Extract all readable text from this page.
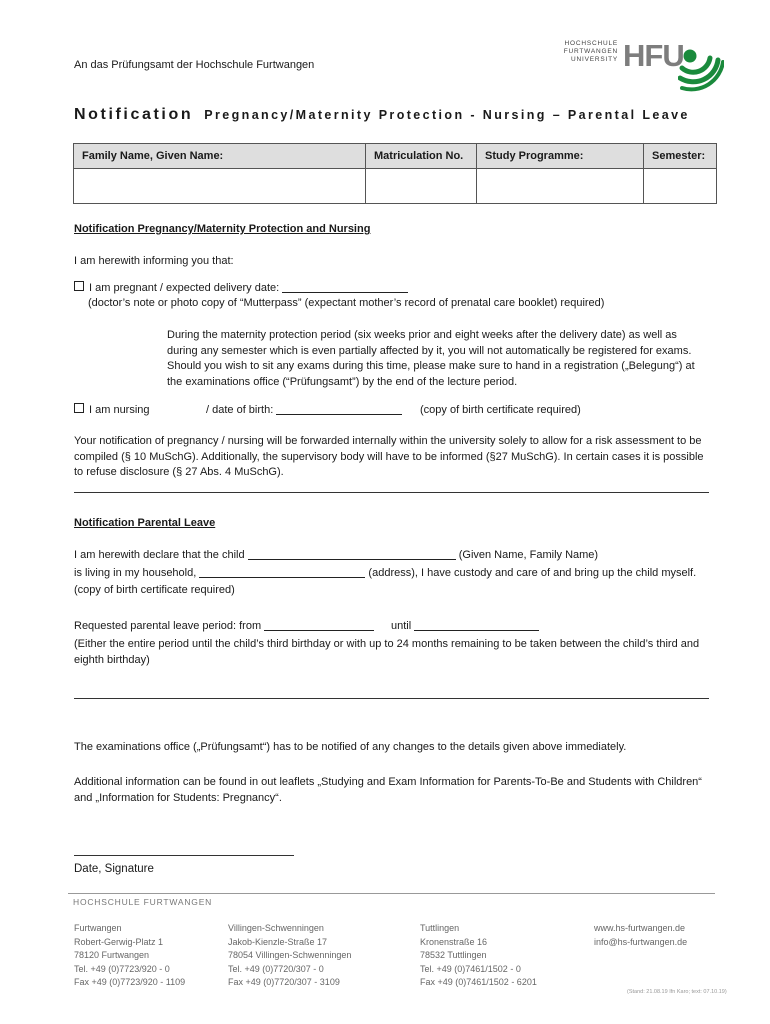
An das Prüfungsamt der Hochschule Furtwangen
HOCHSCHULE
FURTWANGEN
UNIVERSITY HFU
Notification Pregnancy/Maternity Protection - Nursing – Parental Leave
Family Name, Given Name:	Matriculation No.	Study Programme:	Semester:

Notification Pregnancy/Maternity Protection and Nursing
I am herewith informing you that:
I am pregnant / expected delivery date:
(doctor’s note or photo copy of “Mutterpass” (expectant mother’s record of prenatal care booklet) required)
During the maternity protection period (six weeks prior and eight weeks after the delivery date) as well as
during any semester which is even partially affected by it, you will not automatically be registered for exams.
Should you wish to sit any exams during this time, please make sure to hand in a registration („Belegung“) at
the examinations office (“Prüfungsamt”) by the end of the lecture period.
I am nursing	/ date of birth:	(copy of birth certificate required)
Your notification of pregnancy / nursing will be forwarded internally within the university solely to allow for a risk assessment to be
compiled (§ 10 MuSchG). Additionally, the supervisory body will have to be informed (§27 MuSchG). In certain cases it is possible
to refuse disclosure (§ 27 Abs. 4 MuSchG).
Notification Parental Leave
I am herewith declare that the child	(Given Name, Family Name)
is living in my household,	(address), I have custody and care of and bring up the child myself.
(copy of birth certificate required)
Requested parental leave period: from	until
(Either the entire period until the child’s third birthday or with up to 24 months remaining to be taken between the child’s third and
eighth birthday)
The examinations office („Prüfungsamt“) has to be notified of any changes to the details given above immediately.
Additional information can be found in out leaflets „Studying and Exam Information for Parents-To-Be and Students with Children“
and „Information for Students: Pregnancy“.
Date, Signature
HOCHSCHULE FURTWANGEN
Furtwangen
Robert-Gerwig-Platz 1
78120 Furtwangen
Tel. +49 (0)7723/920 - 0
Fax +49 (0)7723/920 - 1109
Villingen-Schwenningen
Jakob-Kienzle-Straße 17
78054 Villingen-Schwenningen
Tel. +49 (0)7720/307 - 0
Fax +49 (0)7720/307 - 3109
Tuttlingen
Kronenstraße 16
78532 Tuttlingen
Tel. +49 (0)7461/1502 - 0
Fax +49 (0)7461/1502 - 6201
www.hs-furtwangen.de
info@hs-furtwangen.de
(Stand: 21.08.19 Ifn Karo; text: 07.10.19)
